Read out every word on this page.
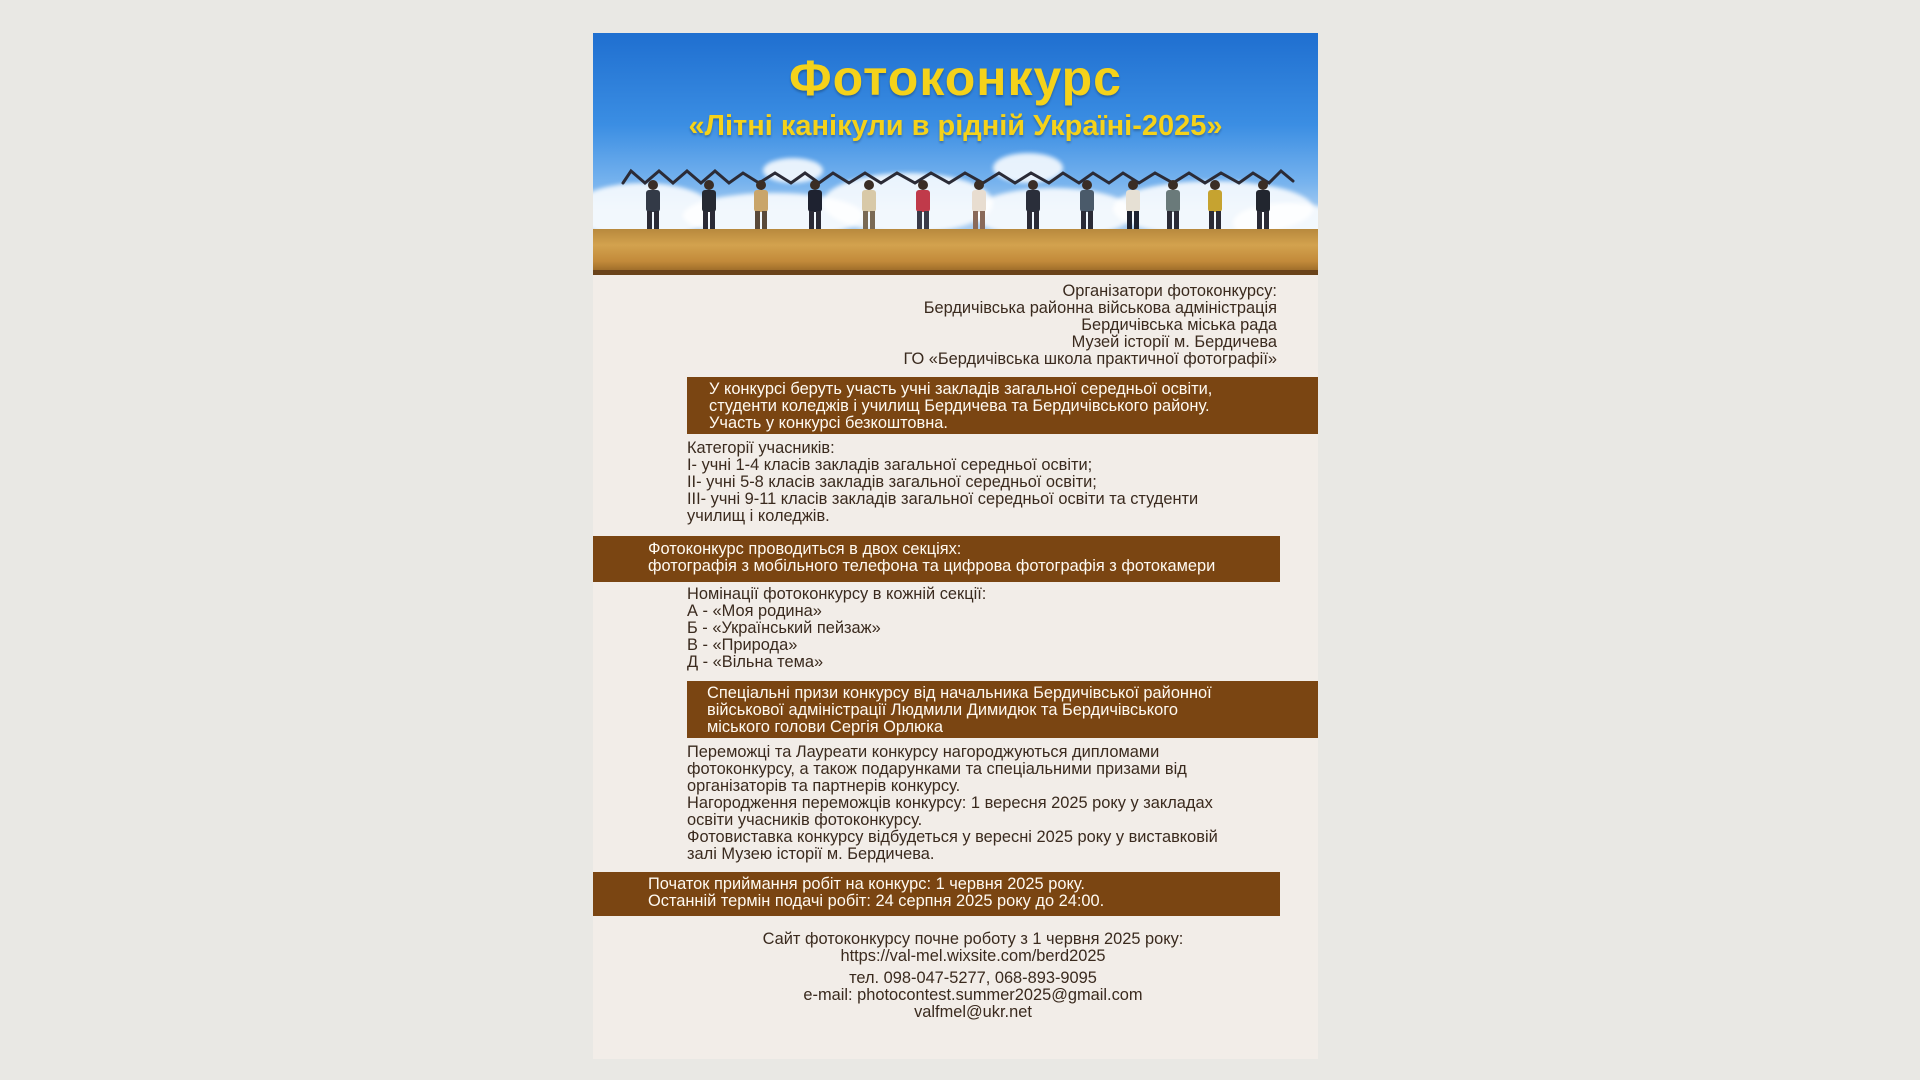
Фотоконкурс
«Літні канікули в рідній Україні-2025»
Організатори фотоконкурсу:
Бердичівська районна військова адміністрація
Бердичівська міська рада
Музей історії м. Бердичева
ГО «Бердичівська школа практичної фотографії»
У конкурсі беруть участь учні закладів загальної середньої освіти,
студенти коледжів і училищ Бердичева та Бердичівського району.
Участь у конкурсі безкоштовна.
Категорії учасників:
I- учні 1-4 класів закладів загальної середньої освіти;
II- учні 5-8 класів закладів загальної середньої освіти;
III- учні 9-11 класів закладів загальної середньої освіти та студенти
училищ і коледжів.
Фотоконкурс проводиться в двох секціях:
фотографія з мобільного телефона та цифрова фотографія з фотокамери
Номінації фотоконкурсу в кожній секції:
А - «Моя родина»
Б - «Український пейзаж»
В - «Природа»
Д - «Вільна тема»
Спеціальні призи конкурсу від начальника Бердичівської районної
військової адміністрації Людмили Димидюк та Бердичівського
міського голови Сергія Орлюка
Переможці та Лауреати конкурсу нагороджуються дипломами
фотоконкурсу, а також подарунками та спеціальними призами від
організаторів та партнерів конкурсу.
Нагородження переможців конкурсу: 1 вересня 2025 року у закладах
освіти учасників фотоконкурсу.
Фотовиставка конкурсу відбудеться у вересні 2025 року у виставковій
залі Музею історії м. Бердичева.
Початок приймання робіт на конкурс: 1 червня 2025 року.
Останній термін подачі робіт: 24 серпня 2025 року до 24:00.
Сайт фотоконкурсу почне роботу з 1 червня 2025 року:
https://val-mel.wixsite.com/berd2025
тел. 098-047-5277, 068-893-9095
e-mail: photocontest.summer2025@gmail.com
valfmel@ukr.net
